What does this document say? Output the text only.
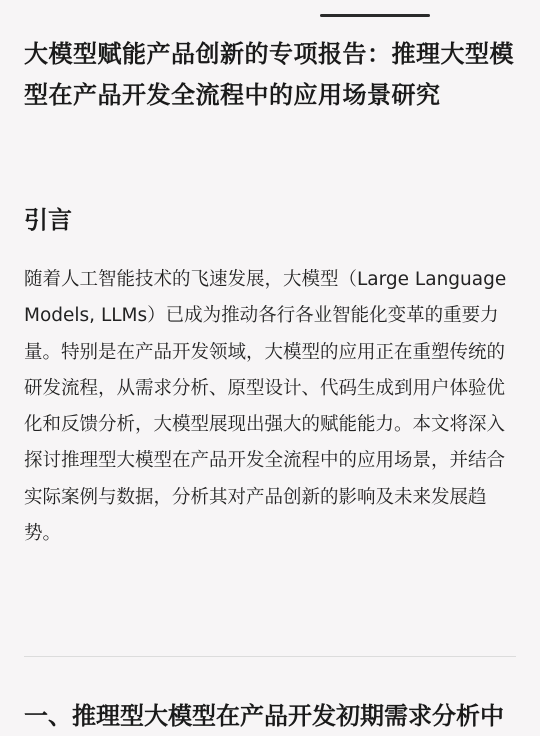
大模型赋能产品创新的专项报告：推理大型模型在产品开发全流程中的应用场景研究
引言

随着人工智能技术的飞速发展，大模型（Large Language Models, LLMs）已成为推动各行各业智能化变革的重要力量。特别是在产品开发领域，大模型的应用正在重塑传统的研发流程，从需求分析、原型设计、代码生成到用户体验优化和反馈分析，大模型展现出强大的赋能能力。本文将深入探讨推理型大模型在产品开发全流程中的应用场景，并结合实际案例与数据，分析其对产品创新的影响及未来发展趋势。

一、推理型大模型在产品开发初期需求分析中
